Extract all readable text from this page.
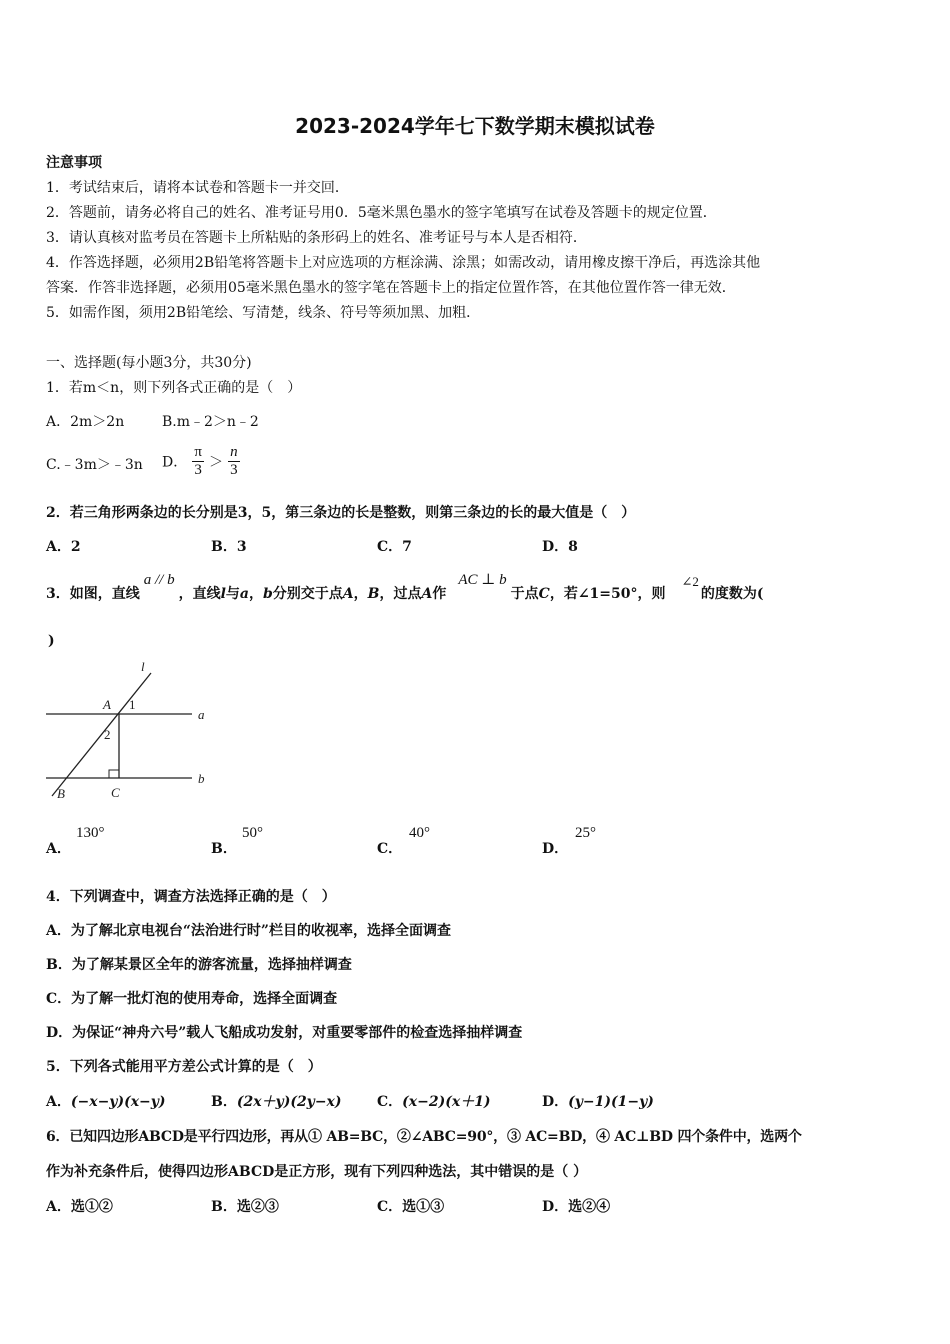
2023-2024学年七下数学期末模拟试卷
注意事项
1．考试结束后，请将本试卷和答题卡一并交回．
2．答题前，请务必将自己的姓名、准考证号用0．5毫米黑色墨水的签字笔填写在试卷及答题卡的规定位置．
3．请认真核对监考员在答题卡上所粘贴的条形码上的姓名、准考证号与本人是否相符．
4．作答选择题，必须用2B铅笔将答题卡上对应选项的方框涂满、涂黑；如需改动，请用橡皮擦干净后，再选涂其他
答案．作答非选择题，必须用05毫米黑色墨水的签字笔在答题卡上的指定位置作答，在其他位置作答一律无效．
5．如需作图，须用2B铅笔绘、写清楚，线条、符号等须加黑、加粗．
一、选择题(每小题3分，共30分)
1．若m＜n，则下列各式正确的是（　）
A．2m＞2n	B.m﹣2＞n﹣2
C.﹣3m＞﹣3n D． $\frac{\pi}{3} > \frac{n}{3}$
2．若三角形两条边的长分别是3，5，第三条边的长是整数，则第三条边的长的最大值是（　）
A．2	B．3	C．7	D．8
3．如图，直线a // b，直线l与a，b分别交于点A，B，过点A作AC ⊥ b于点C，若∠1=50°，则∠2的度数为(
)
l
a
b
A
B	C
1
2
A．
130°
B．
50°
C．
40°
D．
25°
4．下列调查中，调查方法选择正确的是（　）
A．为了解北京电视台“法治进行时”栏目的收视率，选择全面调查
B．为了解某景区全年的游客流量，选择抽样调查
C．为了解一批灯泡的使用寿命，选择全面调查
D．为保证“神舟六号”载人飞船成功发射，对重要零部件的检查选择抽样调查
5．下列各式能用平方差公式计算的是（　）
A．(−x−y)(x−y)	B．(2x＋y)(2y−x)	C．(x−2)(x＋1)	D．(y−1)(1−y)
6．已知四边形ABCD是平行四边形，再从① AB=BC，②∠ABC=90°，③ AC=BD，④ AC⊥BD 四个条件中，选两个
作为补充条件后，使得四边形ABCD是正方形，现有下列四种选法，其中错误的是（ ）
A．选①②	B．选②③	C．选①③	D．选②④
